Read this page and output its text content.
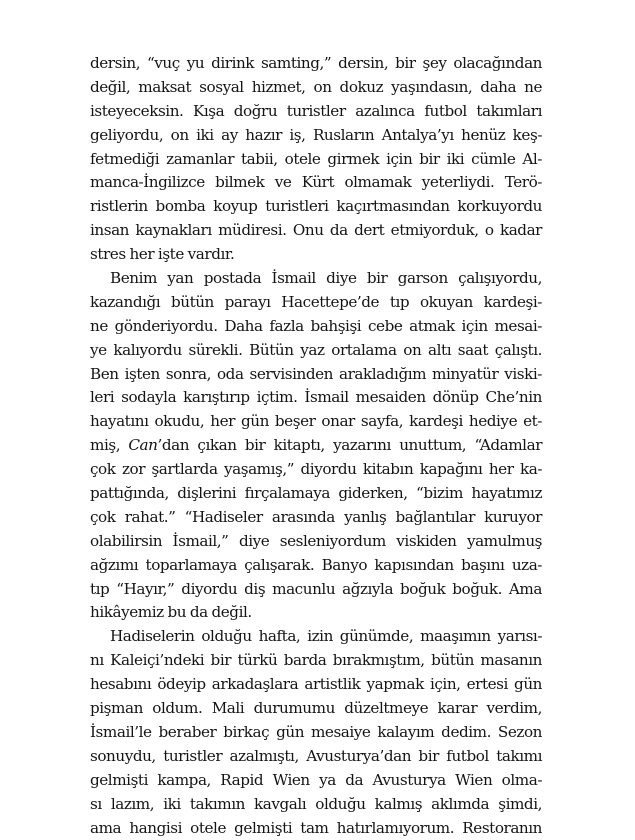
dersin, “vuç yu dirink samting,” dersin, bir şey olacağından
değil, maksat sosyal hizmet, on dokuz yaşındasın, daha ne
isteyeceksin. Kışa doğru turistler azalınca futbol takımları
geliyordu, on iki ay hazır iş, Rusların Antalya’yı henüz keş-
fetmediği zamanlar tabii, otele girmek için bir iki cümle Al-
manca-İngilizce bilmek ve Kürt olmamak yeterliydi. Terö-
ristlerin bomba koyup turistleri kaçırtmasından korkuyordu
insan kaynakları müdiresi. Onu da dert etmiyorduk, o kadar
stres her işte vardır.
Benim yan postada İsmail diye bir garson çalışıyordu,
kazandığı bütün parayı Hacettepe’de tıp okuyan kardeşi-
ne gönderiyordu. Daha fazla bahşişi cebe atmak için mesai-
ye kalıyordu sürekli. Bütün yaz ortalama on altı saat çalıştı.
Ben işten sonra, oda servisinden arakladığım minyatür viski-
leri sodayla karıştırıp içtim. İsmail mesaiden dönüp Che’nin
hayatını okudu, her gün beşer onar sayfa, kardeşi hediye et-
miş, Can’dan çıkan bir kitaptı, yazarını unuttum, “Adamlar
çok zor şartlarda yaşamış,” diyordu kitabın kapağını her ka-
pattığında, dişlerini fırçalamaya giderken, “bizim hayatımız
çok rahat.” “Hadiseler arasında yanlış bağlantılar kuruyor
olabilirsin İsmail,” diye sesleniyordum viskiden yamulmuş
ağzımı toparlamaya çalışarak. Banyo kapısından başını uza-
tıp “Hayır,” diyordu diş macunlu ağzıyla boğuk boğuk. Ama
hikâyemiz bu da değil.
Hadiselerin olduğu hafta, izin günümde, maaşımın yarısı-
nı Kaleiçi’ndeki bir türkü barda bırakmıştım, bütün masanın
hesabını ödeyip arkadaşlara artistlik yapmak için, ertesi gün
pişman oldum. Mali durumumu düzeltmeye karar verdim,
İsmail’le beraber birkaç gün mesaiye kalayım dedim. Sezon
sonuydu, turistler azalmıştı, Avusturya’dan bir futbol takımı
gelmişti kampa, Rapid Wien ya da Avusturya Wien olma-
sı lazım, iki takımın kavgalı olduğu kalmış aklımda şimdi,
ama hangisi otele gelmişti tam hatırlamıyorum. Restoranın
